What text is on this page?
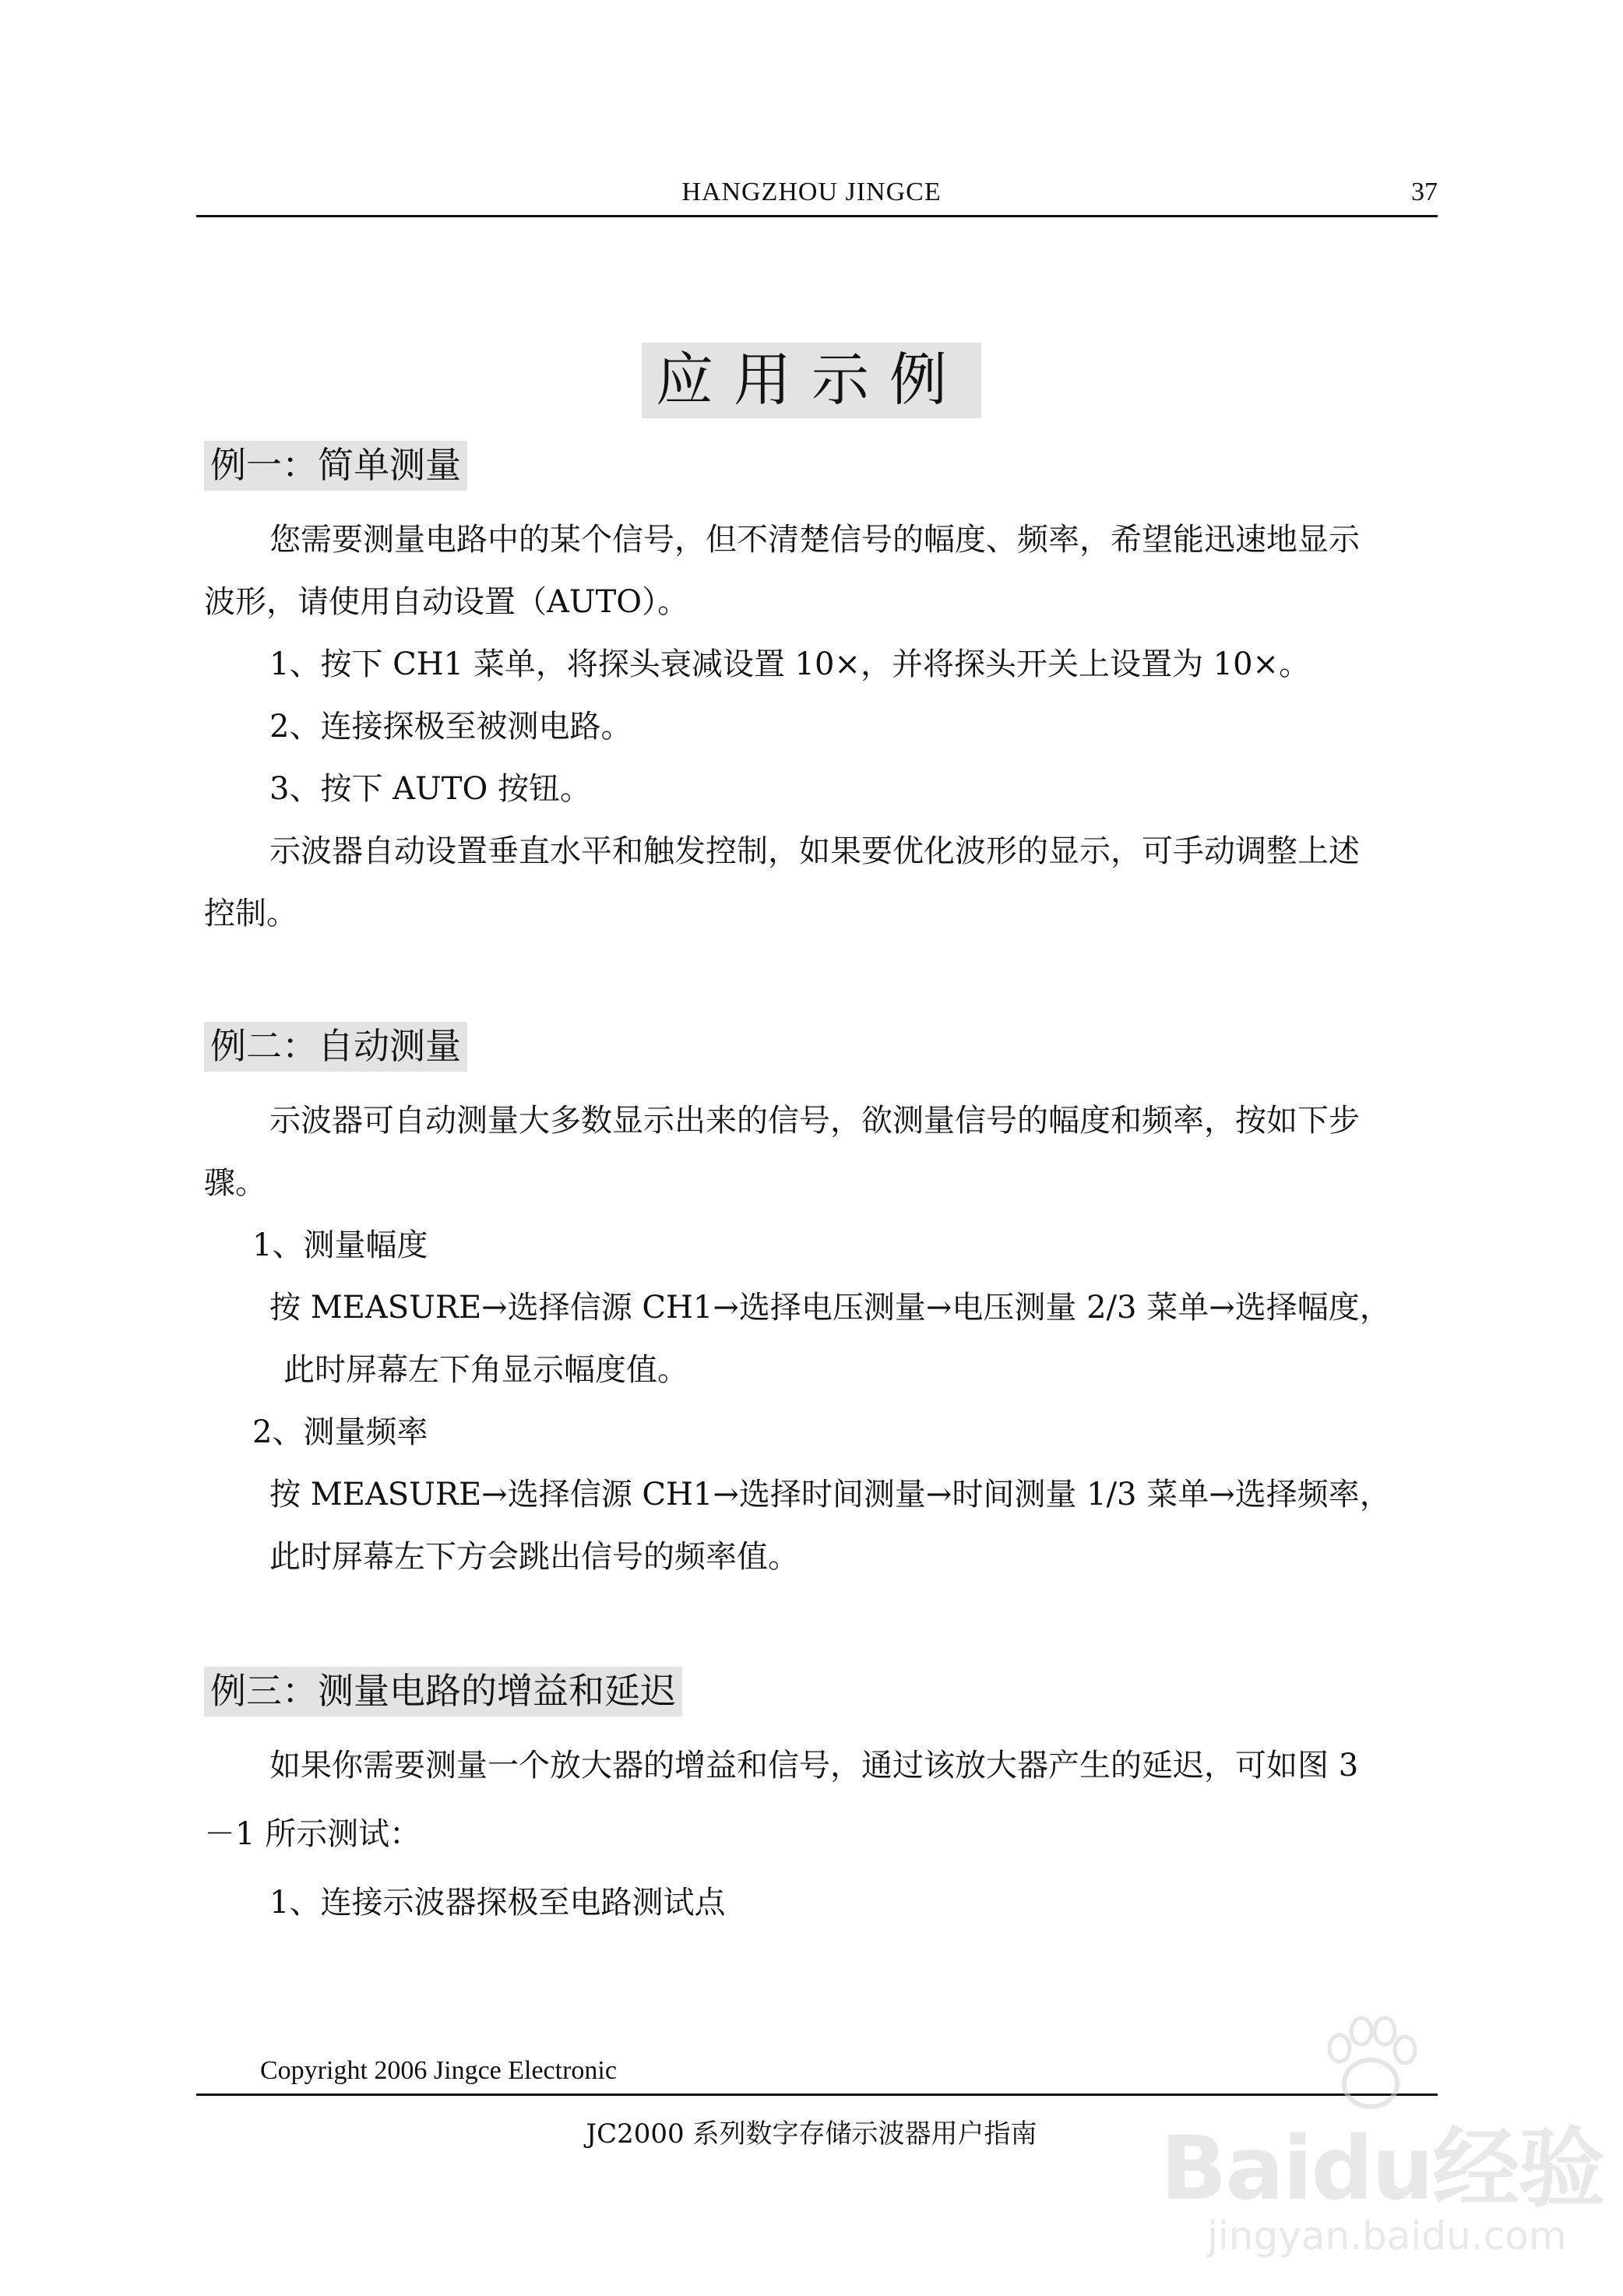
HANGZHOU JINGCE	37
应用示例
例一：简单测量
您需要测量电路中的某个信号，但不清楚信号的幅度、频率，希望能迅速地显示
波形，请使用自动设置（AUTO）。
1、按下 CH1 菜单，将探头衰减设置 10×，并将探头开关上设置为 10×。
2、连接探极至被测电路。
3、按下 AUTO 按钮。
示波器自动设置垂直水平和触发控制，如果要优化波形的显示，可手动调整上述
控制。
例二：自动测量
示波器可自动测量大多数显示出来的信号，欲测量信号的幅度和频率，按如下步
骤。
1、测量幅度
按 MEASURE→选择信源 CH1→选择电压测量→电压测量 2/3 菜单→选择幅度，
此时屏幕左下角显示幅度值。
2、测量频率
按 MEASURE→选择信源 CH1→选择时间测量→时间测量 1/3 菜单→选择频率，
此时屏幕左下方会跳出信号的频率值。
例三：测量电路的增益和延迟
如果你需要测量一个放大器的增益和信号，通过该放大器产生的延迟，可如图 3
－1 所示测试：
1、连接示波器探极至电路测试点
Copyright 2006 Jingce Electronic
JC2000 系列数字存储示波器用户指南	Baidu经验
jingyan.baidu.com
